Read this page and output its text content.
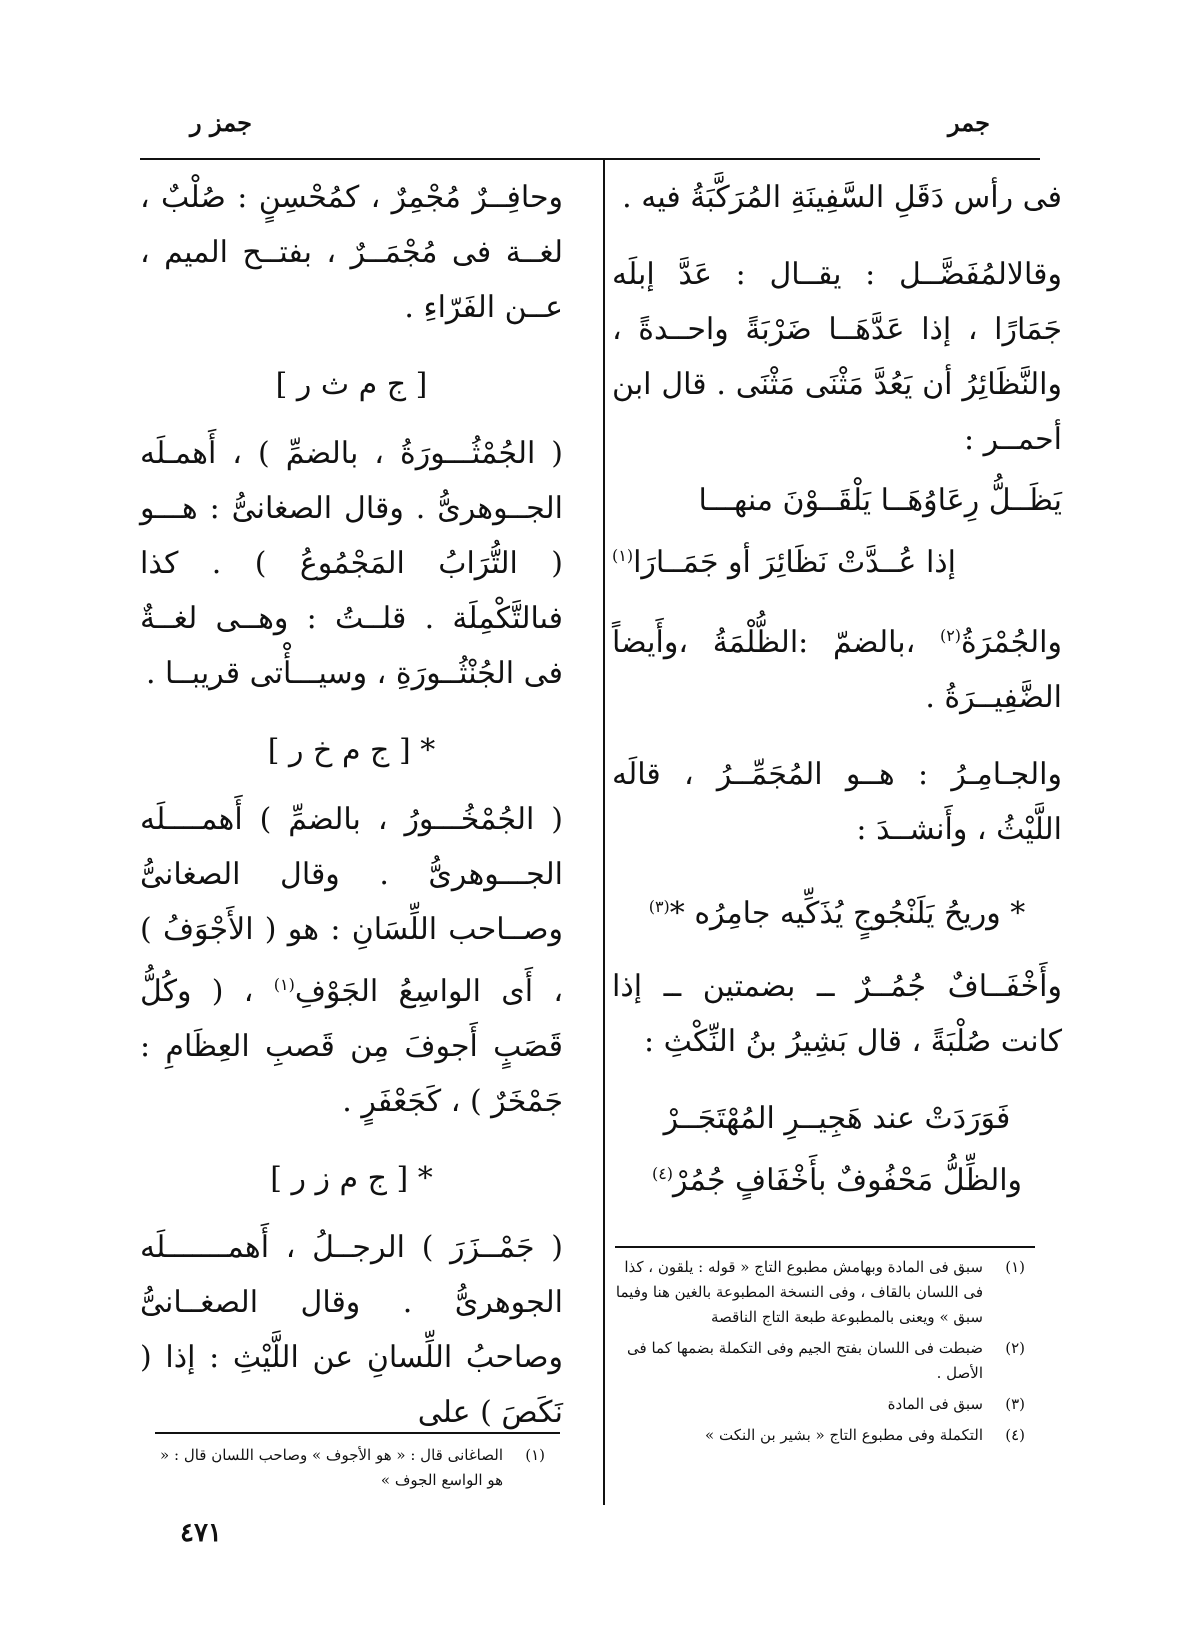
جمر
جمز ر

فى رأس دَقَلِ السَّفِينَةِ المُرَكَّبَةُ فيه .

وقالالمُفَضَّــل : يقــال : عَدَّ إبلَه جَمَارًا ، إذا عَدَّهَــا ضَرْبَةً واحــدةً ، والنَّظَائِرُ أن يَعُدَّ مَثْنَى مَثْنَى . قال ابن أحمــر :

يَظَــلُّ رِعَاوُهَــا يَلْقَــوْنَ منهـــا
إذا عُــدَّتْ نَظَائِرَ أو جَمَــارَا$^{(١)}$

والجُمْرَةُ$^{(٢)}$ ،بالضمّ :الظُّلْمَةُ ،وأَيضاً الضَّفِيــرَةُ .

والجـامِـرُ : هــو المُجَمِّــرُ ، قالَه اللَّيْثُ ، وأَنشــدَ :

* وريحُ يَلَنْجُوجٍ يُذَكِّيه جامِرُه *$^{(٣)}$

وأَخْفَــافٌ جُمُــرٌ ــ بضمتين ــ إذا كانت صُلْبَةً ، قال بَشِيرُ بنُ النِّكْثِ :

فَوَرَدَتْ عند هَجِيــرِ المُهْتَجَــرْ
والظِّلُّ مَحْفُوفٌ بأَخْفَافٍ جُمُرْ$^{(٤)}$

وحافِــرٌ مُجْمِرٌ ، كمُحْسِنٍ : صُلْبٌ ، لغــة فى مُجْمَــرٌ ، بفتــح الميم ، عــن الفَرّاءِ .

[ ج م ث ر ]

( الجُمْثُـــورَةُ ، بالضمِّ ) ، أَهمـلَه الجــوهرىُّ . وقال الصغانىُّ : هـــو ( التُّرَابُ المَجْمُوعُ ) . كذا فىالتَّكْمِلَة . قلــتُ : وهــى لغــةٌ فى الجُنْثُــورَةِ ، وسيـــأْتى قريبــا .

* [ ج م خ ر ]

( الجُمْخُـــورُ ، بالضمِّ ) أَهمــــلَه الجـــوهرىُّ . وقال الصغانىُّ وصــاحب اللِّسَانِ : هو ( الأَجْوَفُ ) ، أَى الواسِعُ الجَوْفِ$^{(١)}$ ، ( وكُلُّ قَصَبٍ أَجوفَ مِن قَصبِ العِظَامِ : جَمْخَرٌ ) ، كَجَعْفَرٍ .

* [ ج م ز ر ]

( جَمْــزَرَ ) الرجــلُ ، أَهمـــــــلَه الجوهرىُّ . وقال الصغــانىُّ وصاحبُ اللِّسانِ عن اللَّيْثِ : إذا ( نَكَصَ ) على

(١)
سبق فى المادة وبهامش مطبوع التاج « قوله : يلقون ، كذا فى اللسان بالقاف ، وفى النسخة المطبوعة بالغين هنا وفيما سبق » ويعنى بالمطبوعة طبعة التاج الناقصة
(٢)
ضبطت فى اللسان بفتح الجيم وفى التكملة بضمها كما فى الأصل .
(٣)
سبق فى المادة
(٤)
التكملة وفى مطبوع التاج « بشير بن النكت »
(١)
الصاغانى قال : « هو الأجوف » وصاحب اللسان قال : « هو الواسع الجوف »
٤٧١
